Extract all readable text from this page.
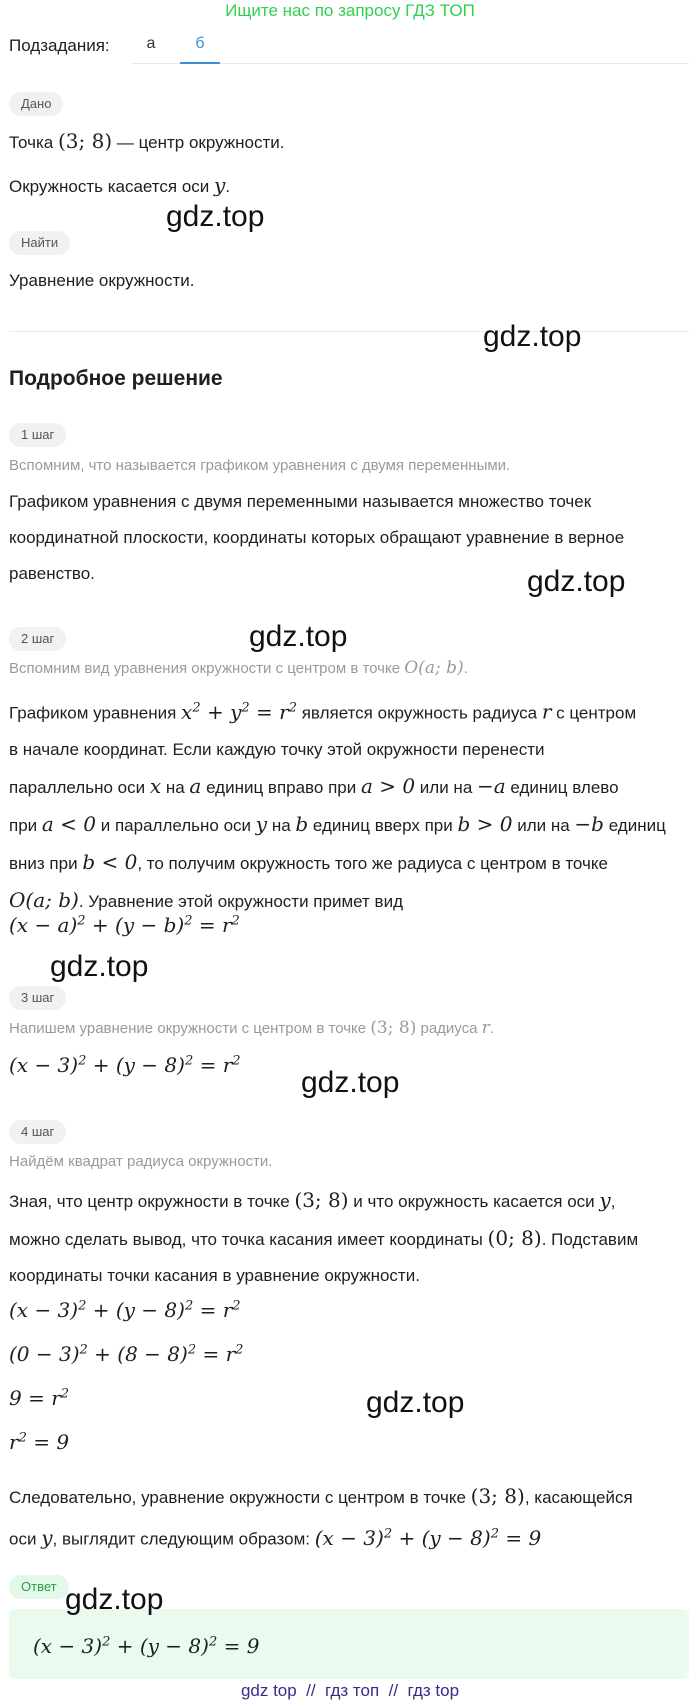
Ищите нас по запросу ГДЗ ТОП
Подзадания:	а	б
Дано
Точка (3; 8) — центр окружности.
Окружность касается оси y.
Найти
Уравнение окружности.
Подробное решение
1 шаг
Вспомним, что называется графиком уравнения с двумя переменными.
Графиком уравнения с двумя переменными называется множество точек
координатной плоскости, координаты которых обращают уравнение в верное
равенство.
2 шаг
Вспомним вид уравнения окружности с центром в точке O(a; b).
Графиком уравнения $x^2 + y^2 = r^2$ является окружность радиуса r с центром
в начале координат. Если каждую точку этой окружности перенести
параллельно оси x на a единиц вправо при a > 0 или на −a единиц влево
при a < 0 и параллельно оси y на b единиц вверх при b > 0 или на −b единиц
вниз при b < 0, то получим окружность того же радиуса с центром в точке
O(a; b). Уравнение этой окружности примет вид
$(x - a)^2 + (y - b)^2 = r^2$
3 шаг
Напишем уравнение окружности с центром в точке (3; 8) радиуса r.
$(x - 3)^2 + (y - 8)^2 = r^2$
4 шаг
Найдём квадрат радиуса окружности.
Зная, что центр окружности в точке (3; 8) и что окружность касается оси y,
можно сделать вывод, что точка касания имеет координаты (0; 8). Подставим
координаты точки касания в уравнение окружности.
$(x - 3)^2 + (y - 8)^2 = r^2$
$(0 - 3)^2 + (8 - 8)^2 = r^2$
$9 = r^2$
$r^2 = 9$
Следовательно, уравнение окружности с центром в точке (3; 8), касающейся
оси y, выглядит следующим образом: $(x - 3)^2 + (y - 8)^2 = 9$
Ответ
$(x - 3)^2 + (y - 8)^2 = 9$
gdz.top
gdz.top
gdz.top
gdz.top
gdz.top
gdz.top
gdz.top
gdz.top
gdz top  //  гдз топ  //  гдз top
